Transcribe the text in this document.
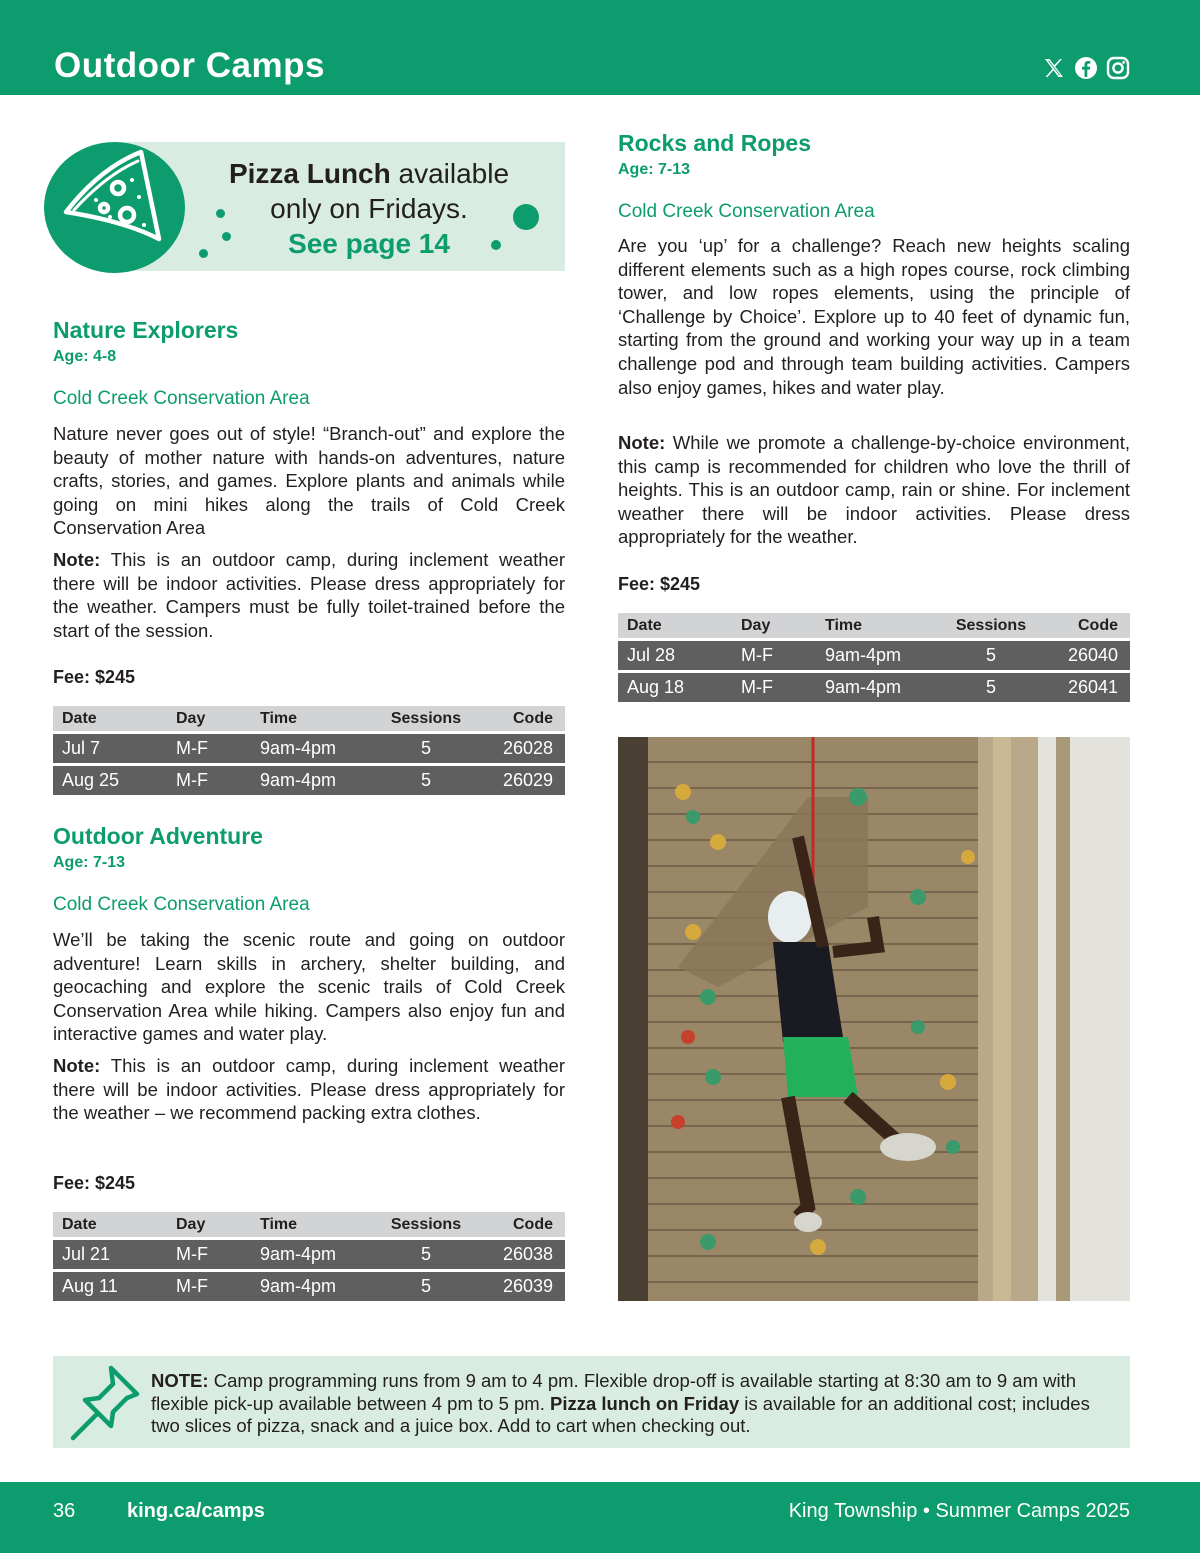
Outdoor Camps
Pizza Lunch available
only on Fridays.
See page 14
Nature Explorers
Age: 4-8
Cold Creek Conservation Area

Nature never goes out of style! “Branch-out” and explore the beauty of mother nature with hands-on adventures, nature crafts, stories, and games. Explore plants and animals while going on mini hikes along the trails of Cold Creek Conservation Area

Note: This is an outdoor camp, during inclement weather there will be indoor activities. Please dress appropriately for the weather. Campers must be fully toilet-trained before the start of the session.

Fee: $245
Date	Day	Time	Sessions	Code
Jul 7	M-F	9am-4pm	5	26028
Aug 25	M-F	9am-4pm	5	26029
Outdoor Adventure
Age: 7-13
Cold Creek Conservation Area

We’ll be taking the scenic route and going on outdoor adventure! Learn skills in archery, shelter building, and geocaching and explore the scenic trails of Cold Creek Conservation Area while hiking. Campers also enjoy fun and interactive games and water play.

Note: This is an outdoor camp, during inclement weather there will be indoor activities. Please dress appropriately for the weather – we recommend packing extra clothes.

Fee: $245
Date	Day	Time	Sessions	Code
Jul 21	M-F	9am-4pm	5	26038
Aug 11	M-F	9am-4pm	5	26039
Rocks and Ropes
Age: 7-13
Cold Creek Conservation Area

Are you ‘up’ for a challenge? Reach new heights scaling different elements such as a high ropes course, rock climbing tower, and low ropes elements, using the principle of ‘Challenge by Choice’. Explore up to 40 feet of dynamic fun, starting from the ground and working your way up in a team challenge pod and through team building activities. Campers also enjoy games, hikes and water play.

Note: While we promote a challenge-by-choice environment, this camp is recommended for children who love the thrill of heights. This is an outdoor camp, rain or shine. For inclement weather there will be indoor activities. Please dress appropriately for the weather.

Fee: $245
Date	Day	Time	Sessions	Code
Jul 28	M-F	9am-4pm	5	26040
Aug 18	M-F	9am-4pm	5	26041
NOTE: Camp programming runs from 9 am to 4 pm. Flexible drop-off is available starting at 8:30 am to 9 am with flexible pick-up available between 4 pm to 5 pm. Pizza lunch on Friday is available for an additional cost; includes two slices of pizza, snack and a juice box. Add to cart when checking out.
36	king.ca/camps	King Township • Summer Camps 2025
